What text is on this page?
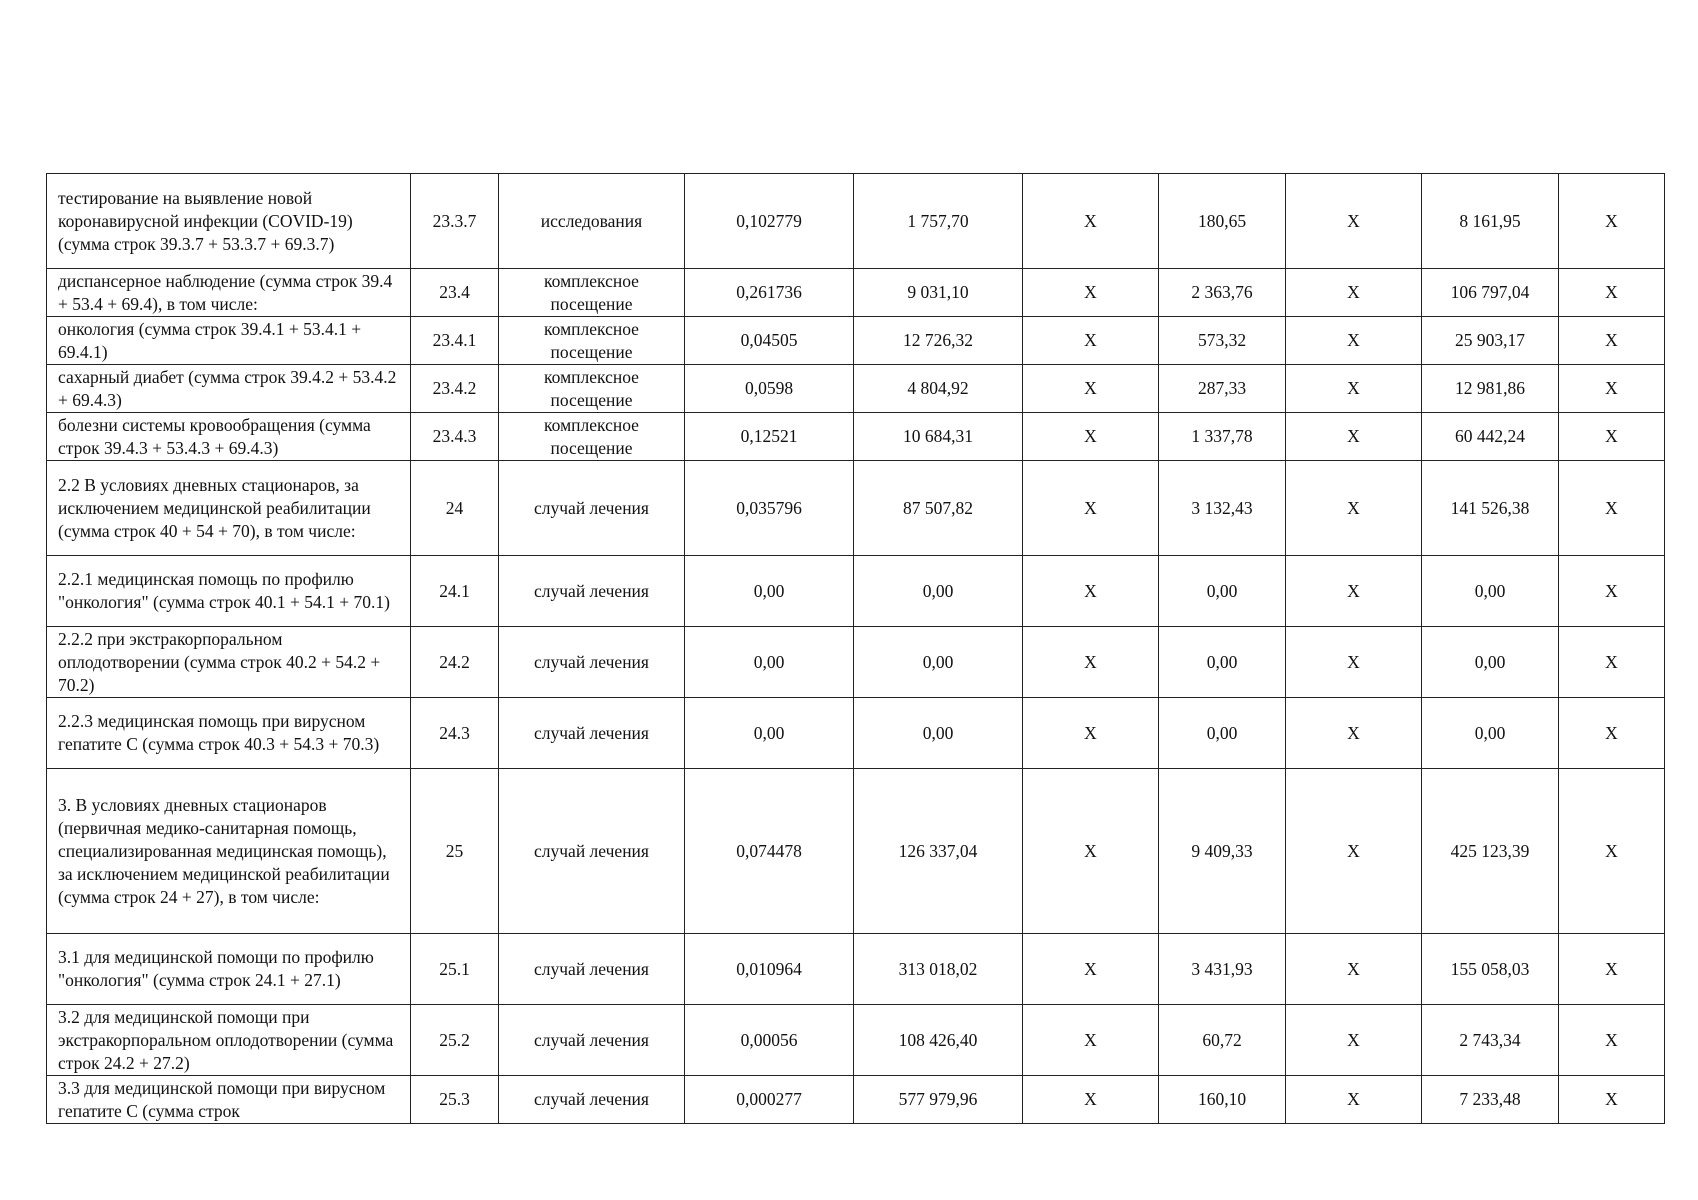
тестирование на выявление новой коронавирусной инфекции (COVID-19) (сумма строк 39.3.7 + 53.3.7 + 69.3.7)	23.3.7	исследования	0,102779	1 757,70	X	180,65	X	8 161,95	X
диспансерное наблюдение (сумма строк 39.4 + 53.4 + 69.4), в том числе:	23.4	комплексное посещение	0,261736	9 031,10	X	2 363,76	X	106 797,04	X
онкология (сумма строк 39.4.1 + 53.4.1 + 69.4.1)	23.4.1	комплексное посещение	0,04505	12 726,32	X	573,32	X	25 903,17	X
сахарный диабет (сумма строк 39.4.2 + 53.4.2 + 69.4.3)	23.4.2	комплексное посещение	0,0598	4 804,92	X	287,33	X	12 981,86	X
болезни системы кровообращения (сумма строк 39.4.3 + 53.4.3 + 69.4.3)	23.4.3	комплексное посещение	0,12521	10 684,31	X	1 337,78	X	60 442,24	X
2.2 В условиях дневных стационаров, за исключением медицинской реабилитации (сумма строк 40 + 54 + 70), в том числе:	24	случай лечения	0,035796	87 507,82	X	3 132,43	X	141 526,38	X
2.2.1 медицинская помощь по профилю "онкология" (сумма строк 40.1 + 54.1 + 70.1)	24.1	случай лечения	0,00	0,00	X	0,00	X	0,00	X
2.2.2 при экстракорпоральном оплодотворении (сумма строк 40.2 + 54.2 + 70.2)	24.2	случай лечения	0,00	0,00	X	0,00	X	0,00	X
2.2.3 медицинская помощь при вирусном гепатите С (сумма строк 40.3 + 54.3 + 70.3)	24.3	случай лечения	0,00	0,00	X	0,00	X	0,00	X
3. В условиях дневных стационаров (первичная медико-санитарная помощь, специализированная медицинская помощь), за исключением медицинской реабилитации (сумма строк 24 + 27), в том числе:	25	случай лечения	0,074478	126 337,04	X	9 409,33	X	425 123,39	X
3.1 для медицинской помощи по профилю "онкология" (сумма строк 24.1 + 27.1)	25.1	случай лечения	0,010964	313 018,02	X	3 431,93	X	155 058,03	X
3.2 для медицинской помощи при экстракорпоральном оплодотворении (сумма строк 24.2 + 27.2)	25.2	случай лечения	0,00056	108 426,40	X	60,72	X	2 743,34	X
3.3 для медицинской помощи при вирусном гепатите С (сумма строк	25.3	случай лечения	0,000277	577 979,96	X	160,10	X	7 233,48	X
